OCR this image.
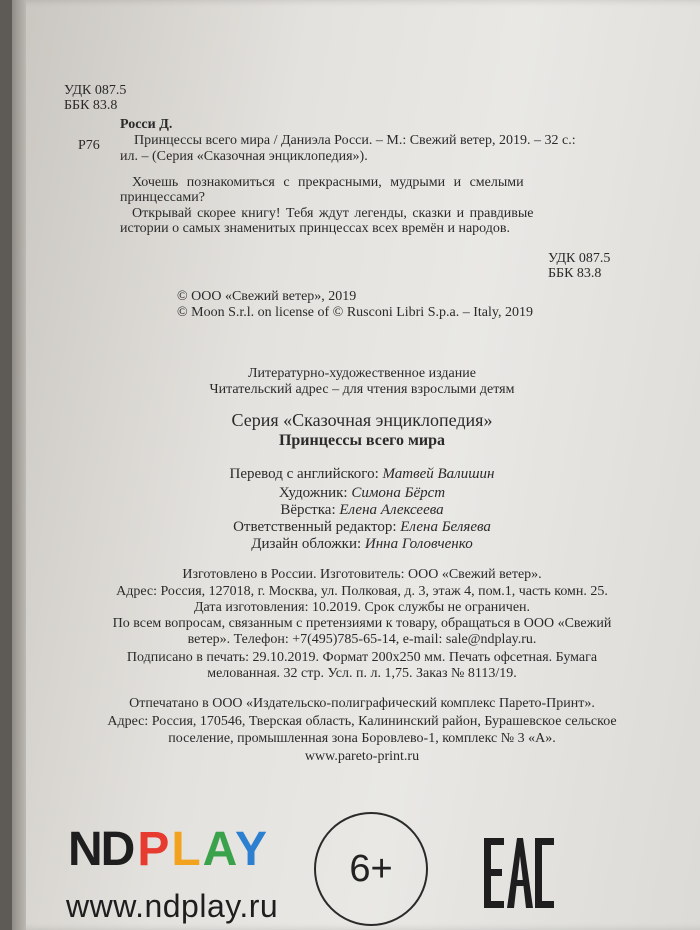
УДК 087.5
ББК 83.8
Р76
Росси Д.
Принцессы всего мира / Даниэла Росси. – М.: Свежий ветер, 2019. – 32 с.:
ил. – (Серия «Сказочная энциклопедия»).
Хочешь познакомиться с прекрасными, мудрыми и смелыми
принцессами?
Открывай скорее книгу! Тебя ждут легенды, сказки и правдивые
истории о самых знаменитых принцессах всех времён и народов.
УДК 087.5
ББК 83.8
© ООО «Свежий ветер», 2019
© Moon S.r.l. on license of © Rusconi Libri S.p.a. – Italy, 2019
Литературно-художественное издание
Читательский адрес – для чтения взрослыми детям
Серия «Сказочная энциклопедия»
Принцессы всего мира
Перевод с английского: Матвей Валишин
Художник: Симона Бёрст
Вёрстка: Елена Алексеева
Ответственный редактор: Елена Беляева
Дизайн обложки: Инна Головченко
Изготовлено в России. Изготовитель: ООО «Свежий ветер».
Адрес: Россия, 127018, г. Москва, ул. Полковая, д. 3, этаж 4, пом.1, часть комн. 25.
Дата изготовления: 10.2019. Срок службы не ограничен.
По всем вопросам, связанным с претензиями к товару, обращаться в ООО «Свежий
ветер». Телефон: +7(495)785-65-14, e-mail: sale@ndplay.ru.
Подписано в печать: 29.10.2019. Формат 200x250 мм. Печать офсетная. Бумага
мелованная. 32 стр. Усл. п. л. 1,75. Заказ № 8113/19.
Отпечатано в ООО «Издательско-полиграфический комплекс Парето-Принт».
Адрес: Россия, 170546, Тверская область, Калининский район, Бурашевское сельское
поселение, промышленная зона Боровлево-1, комплекс № 3 «А».
www.pareto-print.ru
ND PLAY
www.ndplay.ru
6+
